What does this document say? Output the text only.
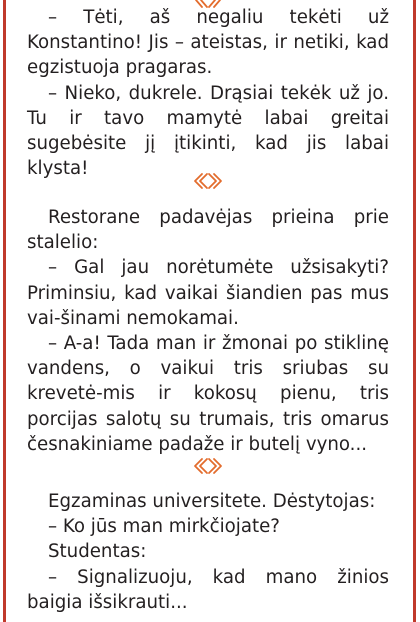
– Tėti, aš negaliu tekėti už Konstantino! Jis – ateistas, ir netiki, kad egzistuoja pragaras.

– Nieko, dukrele. Drąsiai tekėk už jo. Tu ir tavo mamytė labai greitai sugebėsite jį įtikinti, kad jis labai klysta!

Restorane padavėjas prieina prie stalelio:

– Gal jau norėtumėte užsisakyti? Priminsiu, kad vaikai šiandien pas mus vai-šinami nemokamai.

– A-a! Tada man ir žmonai po stiklinę vandens, o vaikui tris sriubas su krevetė-mis ir kokosų pienu, tris porcijas salotų su trumais, tris omarus česnakiniame padaže ir butelį vyno...

Egzaminas universitete. Dėstytojas:

– Ko jūs man mirkčiojate?

Studentas:

– Signalizuoju, kad mano žinios baigia išsikrauti...
